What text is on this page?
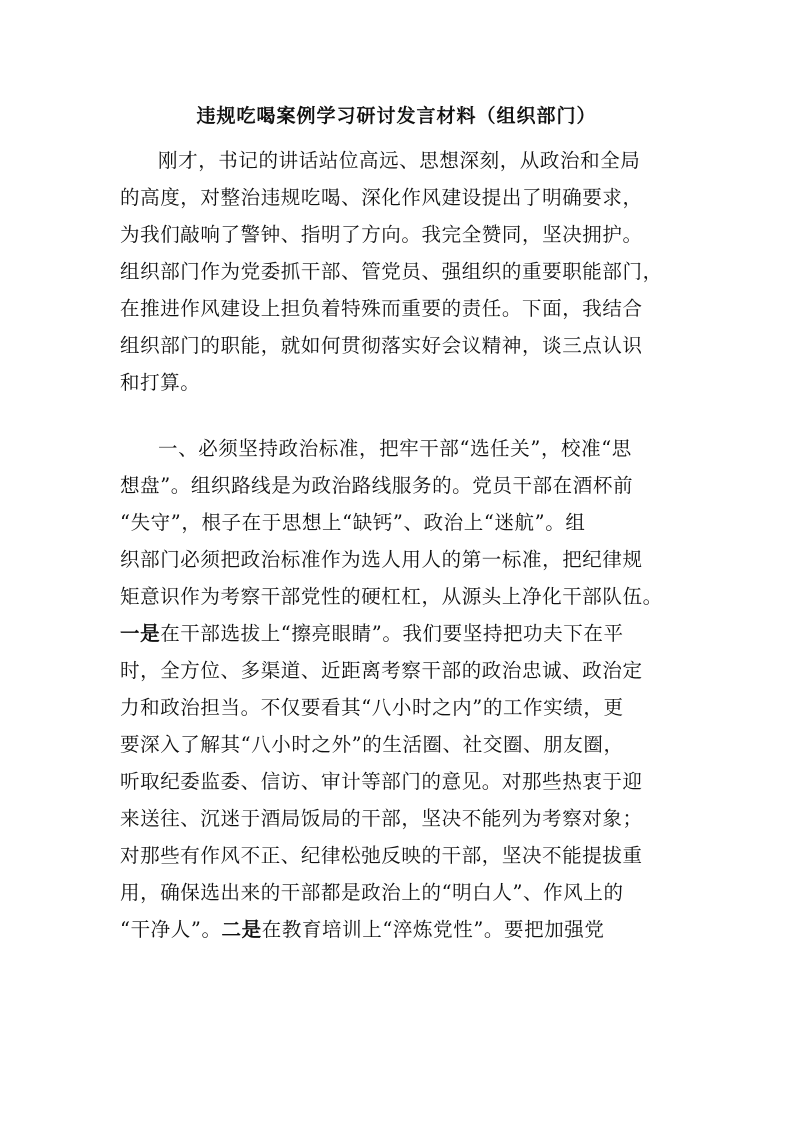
违规吃喝案例学习研讨发言材料（组织部门）
刚才，书记的讲话站位高远、思想深刻，从政治和全局
的高度，对整治违规吃喝、深化作风建设提出了明确要求，
为我们敲响了警钟、指明了方向。我完全赞同，坚决拥护。
组织部门作为党委抓干部、管党员、强组织的重要职能部门，
在推进作风建设上担负着特殊而重要的责任。下面，我结合
组织部门的职能，就如何贯彻落实好会议精神，谈三点认识
和打算。
一、必须坚持政治标准，把牢干部“选任关”，校准“思
想盘”。组织路线是为政治路线服务的。党员干部在酒杯前
“失守”，根子在于思想上“缺钙”、政治上“迷航”。组
织部门必须把政治标准作为选人用人的第一标准，把纪律规
矩意识作为考察干部党性的硬杠杠，从源头上净化干部队伍。
一是在干部选拔上“擦亮眼睛”。我们要坚持把功夫下在平
时，全方位、多渠道、近距离考察干部的政治忠诚、政治定
力和政治担当。不仅要看其“八小时之内”的工作实绩，更
要深入了解其“八小时之外”的生活圈、社交圈、朋友圈，
听取纪委监委、信访、审计等部门的意见。对那些热衷于迎
来送往、沉迷于酒局饭局的干部，坚决不能列为考察对象；
对那些有作风不正、纪律松弛反映的干部，坚决不能提拔重
用，确保选出来的干部都是政治上的“明白人”、作风上的
“干净人”。二是在教育培训上“淬炼党性”。要把加强党
